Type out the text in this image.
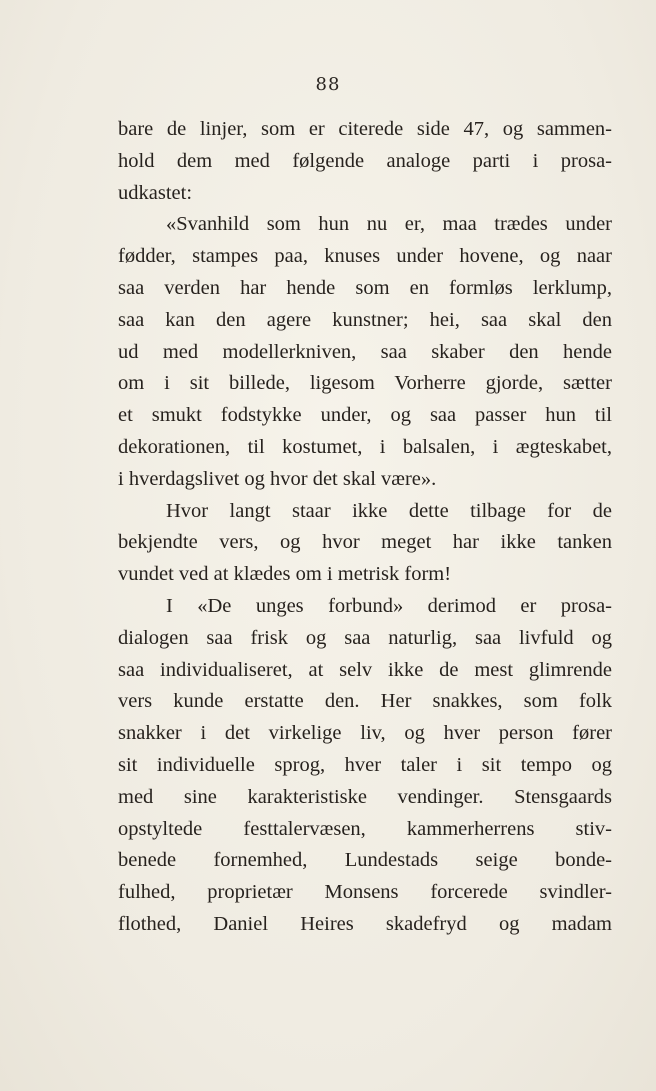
88
bare de linjer, som er citerede side 47, og sammen-
hold dem med følgende analoge parti i prosa-
udkastet:
«Svanhild som hun nu er, maa trædes under
fødder, stampes paa, knuses under hovene, og naar
saa verden har hende som en formløs lerklump,
saa kan den agere kunstner; hei, saa skal den
ud med modellerkniven, saa skaber den hende
om i sit billede, ligesom Vorherre gjorde, sætter
et smukt fodstykke under, og saa passer hun til
dekorationen, til kostumet, i balsalen, i ægteskabet,
i hverdagslivet og hvor det skal være».
Hvor langt staar ikke dette tilbage for de
bekjendte vers, og hvor meget har ikke tanken
vundet ved at klædes om i metrisk form!
I «De unges forbund» derimod er prosa-
dialogen saa frisk og saa naturlig, saa livfuld og
saa individualiseret, at selv ikke de mest glimrende
vers kunde erstatte den. Her snakkes, som folk
snakker i det virkelige liv, og hver person fører
sit individuelle sprog, hver taler i sit tempo og
med sine karakteristiske vendinger. Stensgaards
opstyltede festtalervæsen, kammerherrens stiv-
benede fornemhed, Lundestads seige bonde-
fulhed, proprietær Monsens forcerede svindler-
flothed, Daniel Heires skadefryd og madam
